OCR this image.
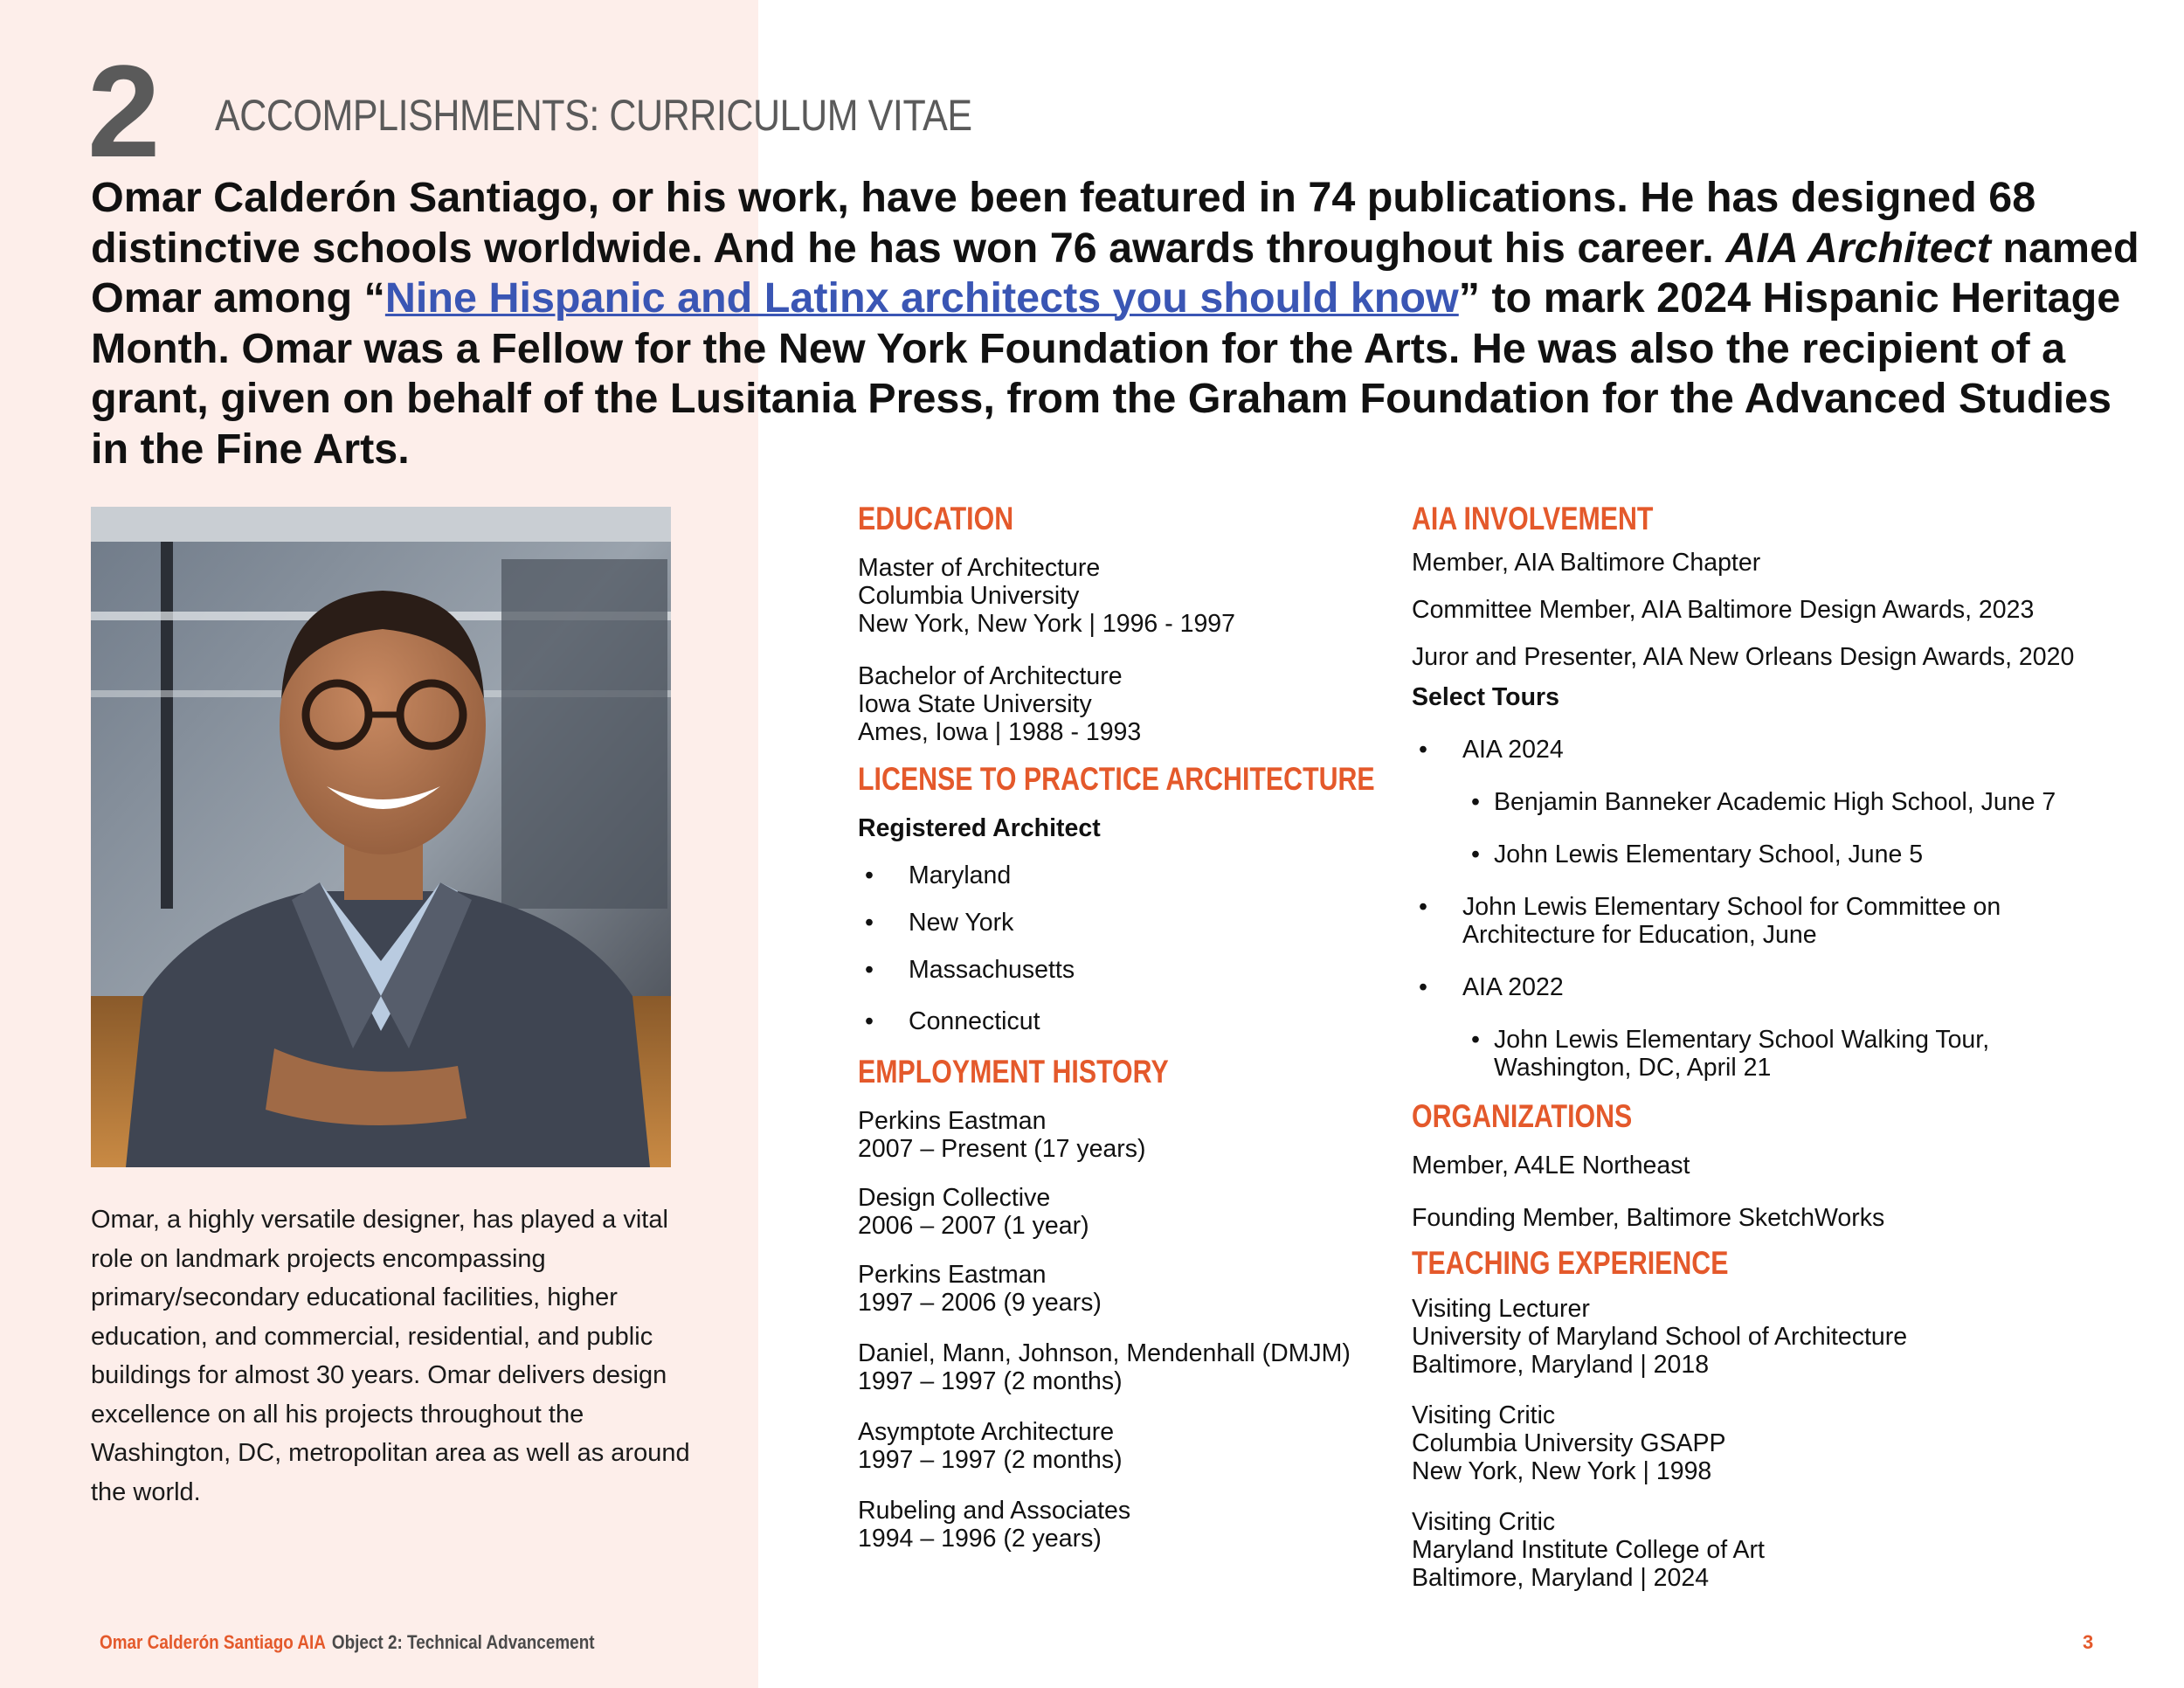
2 ACCOMPLISHMENTS: CURRICULUM VITAE

Omar Calderón Santiago, or his work, have been featured in 74 publications. He has designed 68 distinctive schools worldwide. And he has won 76 awards throughout his career. AIA Architect named Omar among “Nine Hispanic and Latinx architects you should know” to mark 2024 Hispanic Heritage Month. Omar was a Fellow for the New York Foundation for the Arts. He was also the recipient of a grant, given on behalf of the Lusitania Press, from the Graham Foundation for the Advanced Studies in the Fine Arts.

Omar, a highly versatile designer, has played a vital role on landmark projects encompassing primary/secondary educational facilities, higher education, and commercial, residential, and public buildings for almost 30 years. Omar delivers design excellence on all his projects throughout the Washington, DC, metropolitan area as well as around the world.

EDUCATION
Master of Architecture
Columbia University
New York, New York | 1996 - 1997
Bachelor of Architecture
Iowa State University
Ames, Iowa | 1988 - 1993
LICENSE TO PRACTICE ARCHITECTURE
Registered Architect
• Maryland
• New York
• Massachusetts
• Connecticut
EMPLOYMENT HISTORY
Perkins Eastman
2007 – Present (17 years)
Design Collective
2006 – 2007 (1 year)
Perkins Eastman
1997 – 2006 (9 years)
Daniel, Mann, Johnson, Mendenhall (DMJM)
1997 – 1997 (2 months)
Asymptote Architecture
1997 – 1997 (2 months)
Rubeling and Associates
1994 – 1996 (2 years)
AIA INVOLVEMENT
Member, AIA Baltimore Chapter
Committee Member, AIA Baltimore Design Awards, 2023
Juror and Presenter, AIA New Orleans Design Awards, 2020
Select Tours
• AIA 2024
• Benjamin Banneker Academic High School, June 7
• John Lewis Elementary School, June 5
• John Lewis Elementary School for Committee on
Architecture for Education, June
• AIA 2022
• John Lewis Elementary School Walking Tour,
Washington, DC, April 21
ORGANIZATIONS
Member, A4LE Northeast
Founding Member, Baltimore SketchWorks
TEACHING EXPERIENCE
Visiting Lecturer
University of Maryland School of Architecture
Baltimore, Maryland | 2018
Visiting Critic
Columbia University GSAPP
New York, New York | 1998
Visiting Critic
Maryland Institute College of Art
Baltimore, Maryland | 2024
Omar Calderón Santiago AIA Object 2: Technical Advancement	3
